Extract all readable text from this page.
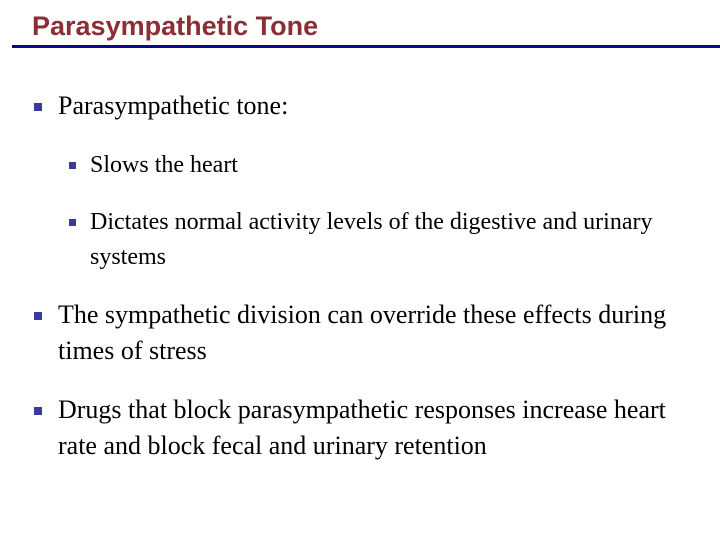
Parasympathetic Tone
Parasympathetic tone:
Slows the heart
Dictates normal activity levels of the digestive and urinary systems
The sympathetic division can override these effects during times of stress
Drugs that block parasympathetic responses increase heart rate and block fecal and urinary retention
